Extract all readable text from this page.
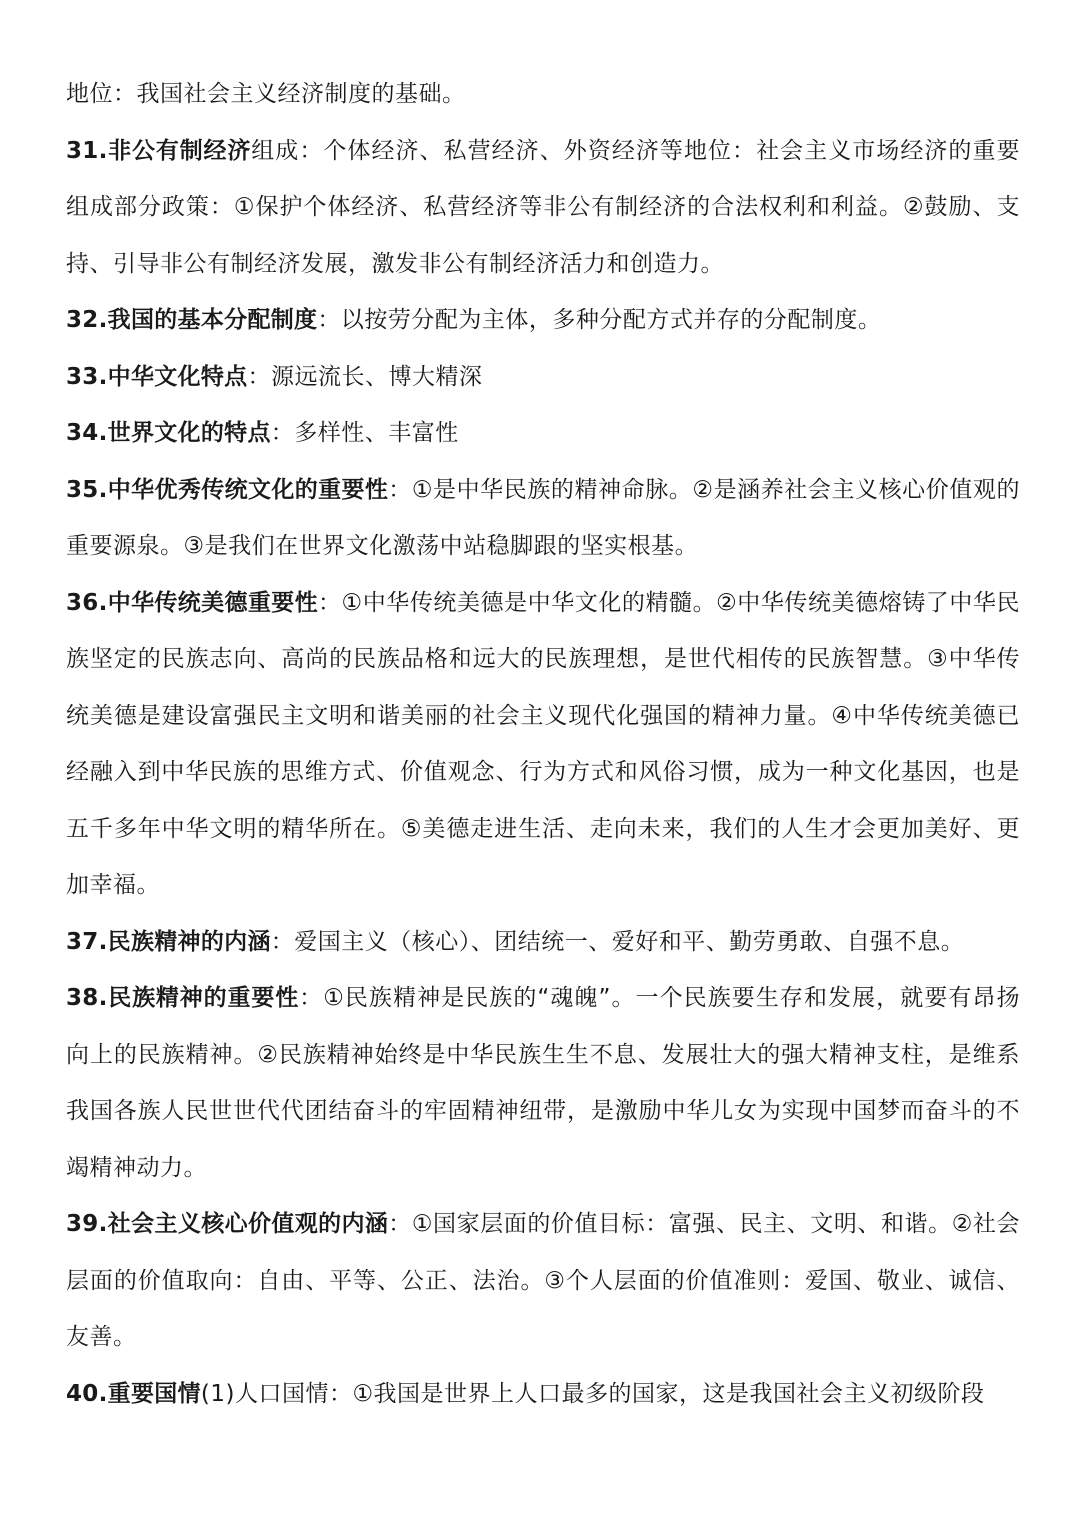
地位：我国社会主义经济制度的基础。

31.非公有制经济组成：个体经济、私营经济、外资经济等地位：社会主义市场经济的重要组成部分政策：①保护个体经济、私营经济等非公有制经济的合法权利和利益。②鼓励、支持、引导非公有制经济发展，激发非公有制经济活力和创造力。

32.我国的基本分配制度：以按劳分配为主体，多种分配方式并存的分配制度。

33.中华文化特点：源远流长、博大精深

34.世界文化的特点：多样性、丰富性

35.中华优秀传统文化的重要性：①是中华民族的精神命脉。②是涵养社会主义核心价值观的重要源泉。③是我们在世界文化激荡中站稳脚跟的坚实根基。

36.中华传统美德重要性：①中华传统美德是中华文化的精髓。②中华传统美德熔铸了中华民族坚定的民族志向、高尚的民族品格和远大的民族理想，是世代相传的民族智慧。③中华传统美德是建设富强民主文明和谐美丽的社会主义现代化强国的精神力量。④中华传统美德已经融入到中华民族的思维方式、价值观念、行为方式和风俗习惯，成为一种文化基因，也是五千多年中华文明的精华所在。⑤美德走进生活、走向未来，我们的人生才会更加美好、更加幸福。

37.民族精神的内涵：爱国主义（核心）、团结统一、爱好和平、勤劳勇敢、自强不息。

38.民族精神的重要性：①民族精神是民族的“魂魄”。一个民族要生存和发展，就要有昂扬向上的民族精神。②民族精神始终是中华民族生生不息、发展壮大的强大精神支柱，是维系我国各族人民世世代代团结奋斗的牢固精神纽带，是激励中华儿女为实现中国梦而奋斗的不竭精神动力。

39.社会主义核心价值观的内涵：①国家层面的价值目标：富强、民主、文明、和谐。②社会层面的价值取向：自由、平等、公正、法治。③个人层面的价值准则：爱国、敬业、诚信、友善。

40.重要国情(1)人口国情：①我国是世界上人口最多的国家，这是我国社会主义初级阶段
